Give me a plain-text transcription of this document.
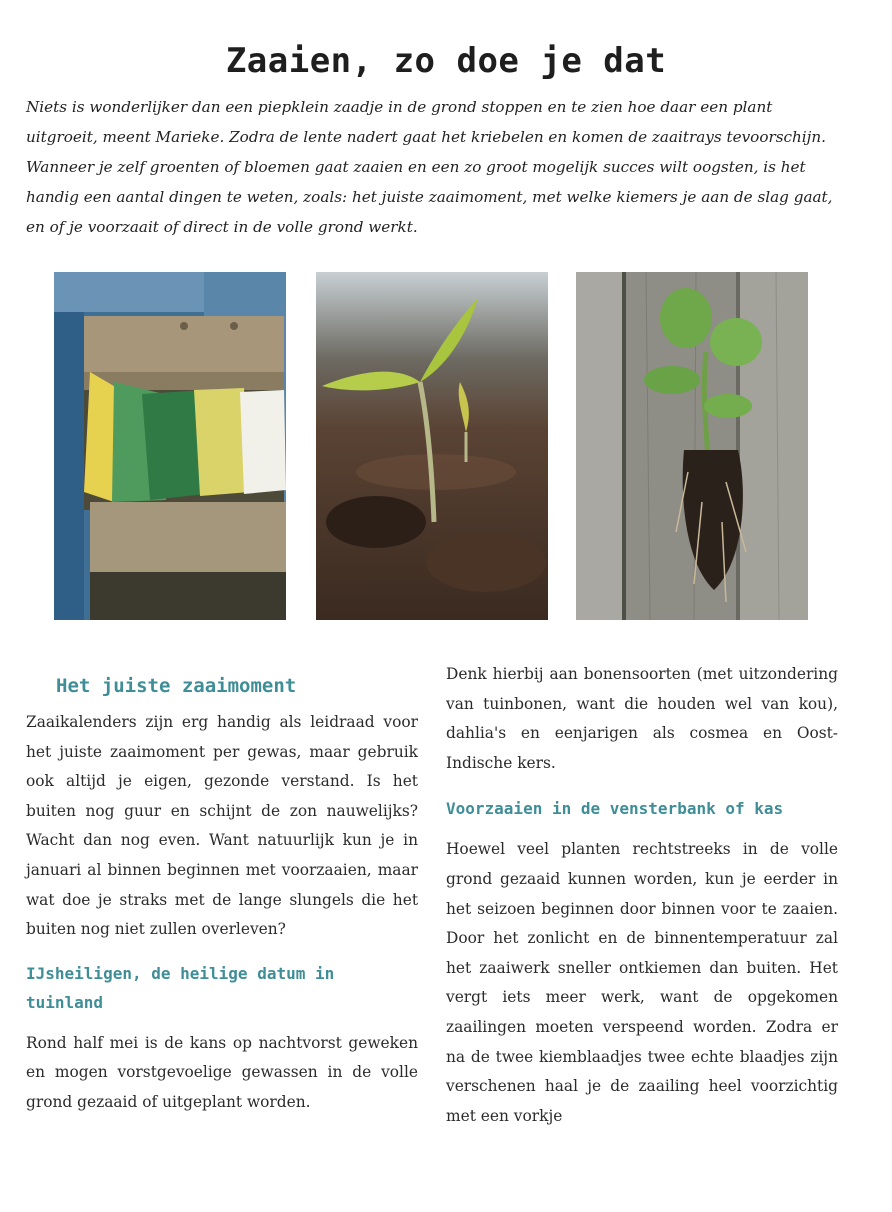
Zaaien, zo doe je dat

Niets is wonderlijker dan een piepklein zaadje in de grond stoppen en te zien hoe daar een plant uitgroeit, meent Marieke. Zodra de lente nadert gaat het kriebelen en komen de zaaitrays tevoorschijn. Wanneer je zelf groenten of bloemen gaat zaaien en een zo groot mogelijk succes wilt oogsten, is het handig een aantal dingen te weten, zoals: het juiste zaaimoment, met welke kiemers je aan de slag gaat, en of je voorzaait of direct in de volle grond werkt.

Het juiste zaaimoment

Zaaikalenders zijn erg handig als leidraad voor het juiste zaaimoment per gewas, maar gebruik ook altijd je eigen, gezonde verstand. Is het buiten nog guur en schijnt de zon nauwelijks? Wacht dan nog even. Want natuurlijk kun je in januari al binnen beginnen met voorzaaien, maar wat doe je straks met de lange slungels die het buiten nog niet zullen overleven?

IJsheiligen, de heilige datum in tuinland

Rond half mei is de kans op nachtvorst geweken en mogen vorstgevoelige gewassen in de volle grond gezaaid of uitgeplant worden.

Denk hierbij aan bonensoorten (met uitzondering van tuinbonen, want die houden wel van kou), dahlia's en eenjarigen als cosmea en Oost-Indische kers.

Voorzaaien in de vensterbank of kas

Hoewel veel planten rechtstreeks in de volle grond gezaaid kunnen worden, kun je eerder in het seizoen beginnen door binnen voor te zaaien. Door het zonlicht en de binnentemperatuur zal het zaaiwerk sneller ontkiemen dan buiten. Het vergt iets meer werk, want de opgekomen zaailingen moeten verspeend worden. Zodra er na de twee kiemblaadjes twee echte blaadjes zijn verschenen haal je de zaailing heel voorzichtig met een vorkje
